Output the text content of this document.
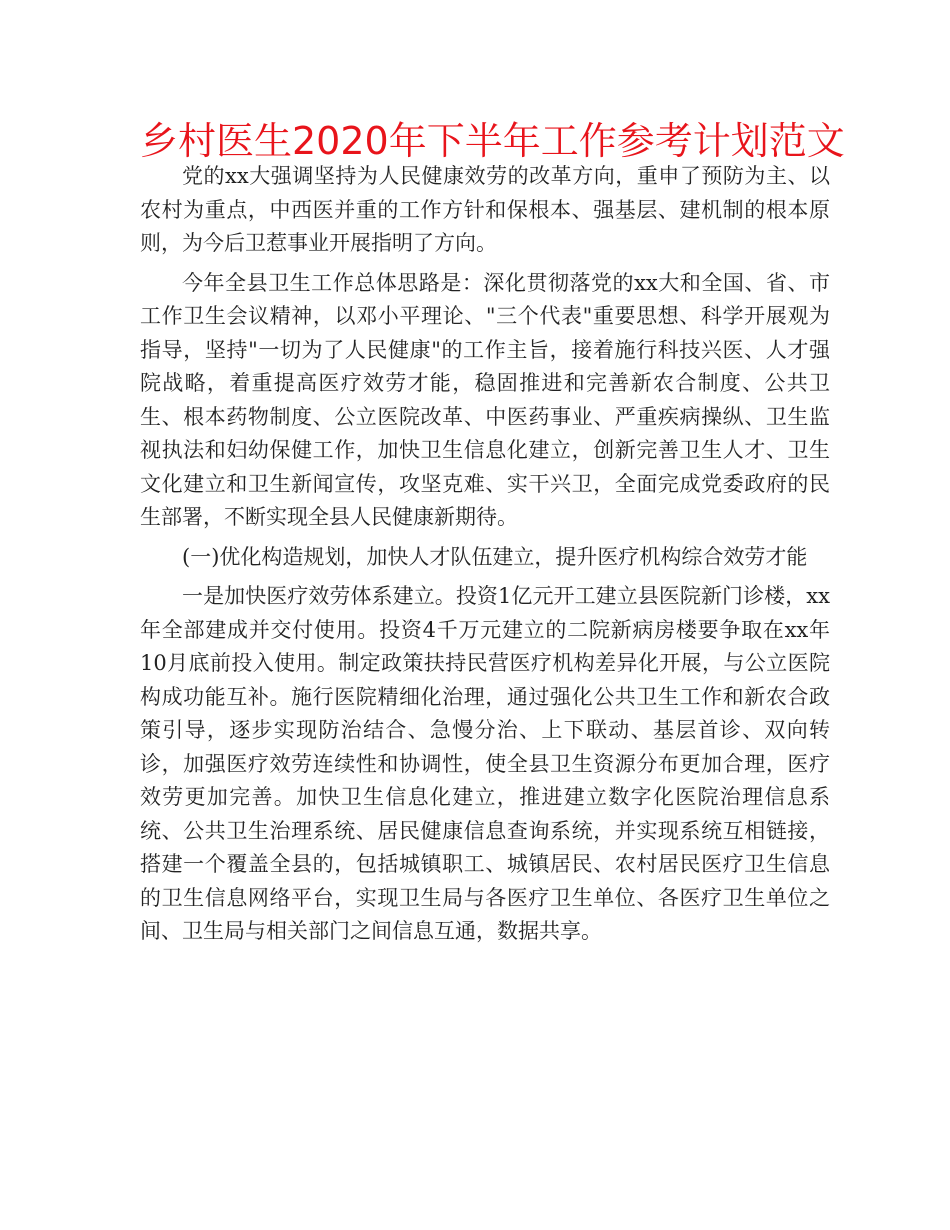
乡村医生2020年下半年工作参考计划范文

党的xx大强调坚持为人民健康效劳的改革方向，重申了预防为主、以农村为重点，中西医并重的工作方针和保根本、强基层、建机制的根本原则，为今后卫惹事业开展指明了方向。

今年全县卫生工作总体思路是：深化贯彻落党的xx大和全国、省、市工作卫生会议精神，以邓小平理论、"三个代表"重要思想、科学开展观为指导，坚持"一切为了人民健康"的工作主旨，接着施行科技兴医、人才强院战略，着重提高医疗效劳才能，稳固推进和完善新农合制度、公共卫生、根本药物制度、公立医院改革、中医药事业、严重疾病操纵、卫生监视执法和妇幼保健工作，加快卫生信息化建立，创新完善卫生人才、卫生文化建立和卫生新闻宣传，攻坚克难、实干兴卫，全面完成党委政府的民生部署，不断实现全县人民健康新期待。

(一)优化构造规划，加快人才队伍建立，提升医疗机构综合效劳才能

一是加快医疗效劳体系建立。投资1亿元开工建立县医院新门诊楼，xx年全部建成并交付使用。投资4千万元建立的二院新病房楼要争取在xx年10月底前投入使用。制定政策扶持民营医疗机构差异化开展，与公立医院构成功能互补。施行医院精细化治理，通过强化公共卫生工作和新农合政策引导，逐步实现防治结合、急慢分治、上下联动、基层首诊、双向转诊，加强医疗效劳连续性和协调性，使全县卫生资源分布更加合理，医疗效劳更加完善。加快卫生信息化建立，推进建立数字化医院治理信息系统、公共卫生治理系统、居民健康信息查询系统，并实现系统互相链接，搭建一个覆盖全县的，包括城镇职工、城镇居民、农村居民医疗卫生信息的卫生信息网络平台，实现卫生局与各医疗卫生单位、各医疗卫生单位之间、卫生局与相关部门之间信息互通，数据共享。
